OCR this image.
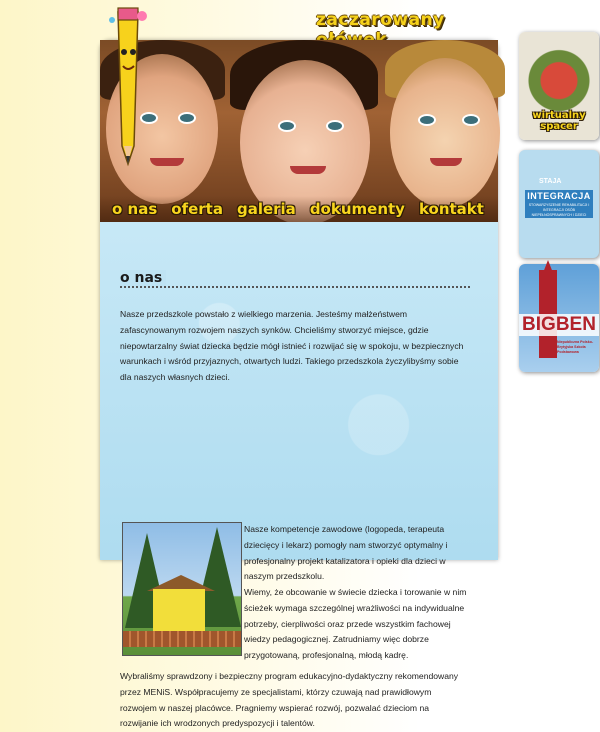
zaczarowany
o nas oferta galeria dokumenty kontakt
o nas
Nasze przedszkole powstało z wielkiego marzenia. Jesteśmy małżeństwem zafascynowanym rozwojem naszych synków. Chcieliśmy stworzyć miejsce, gdzie niepowtarzalny świat dziecka będzie mógł istnieć i rozwijać się w spokoju, w bezpiecznych warunkach i wśród przyjaznych, otwartych ludzi. Takiego przedszkola życzylibyśmy sobie dla naszych własnych dzieci.
Nasze kompetencje zawodowe (logopeda, terapeuta dziecięcy i lekarz) pomogły nam stworzyć optymalny i profesjonalny projekt katalizatora i opieki dla dzieci w naszym przedszkolu.
Wiemy, że obcowanie w świecie dziecka i torowanie w nim ścieżek wymaga szczególnej wrażliwości na indywidualne potrzeby, cierpliwości oraz przede wszystkim fachowej wiedzy pedagogicznej. Zatrudniamy więc dobrze przygotowaną, profesjonalną, młodą kadrę.
Wybraliśmy sprawdzony i bezpieczny program edukacyjno-dydaktyczny rekomendowany przez MENiS. Współpracujemy ze specjalistami, którzy czuwają nad prawidłowym rozwojem w naszej placówce. Pragniemy wspierać rozwój, pozwalać dzieciom na rozwijanie ich wrodzonych predyspozycji i talentów.
wirtualny spacer
STAJA
INTEGRACJA
STOWARZYSZENIE REHABILITACJI I INTEGRACJI OSÓB NIEPEŁNOSPRAWNYCH I DZIECI
BIGBEN
Niepubliczna Polsko-Brytyjska Szkoła Podstawowa
